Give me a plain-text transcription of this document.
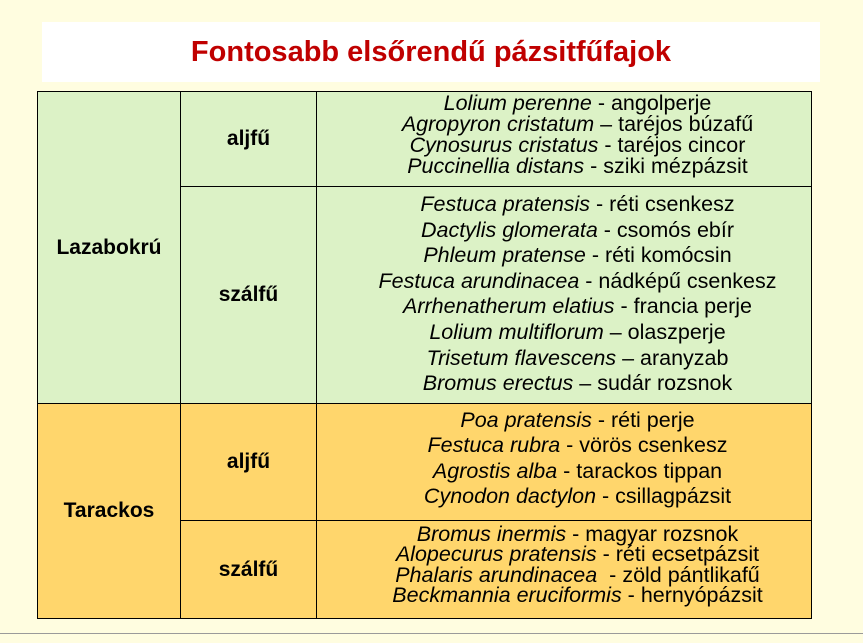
Fontosabb elsőrendű pázsitfűfajok
Lazabokrú
aljfű
Lolium perenne - angolperje
Agropyron cristatum – taréjos búzafű
Cynosurus cristatus - taréjos cincor
Puccinellia distans - sziki mézpázsit
szálfű
Festuca pratensis - réti csenkesz
Dactylis glomerata - csomós ebír
Phleum pratense - réti komócsin
Festuca arundinacea - nádképű csenkesz
Arrhenatherum elatius - francia perje
Lolium multiflorum – olaszperje
Trisetum flavescens – aranyzab
Bromus erectus – sudár rozsnok
Tarackos
aljfű
Poa pratensis - réti perje
Festuca rubra - vörös csenkesz
Agrostis alba - tarackos tippan
Cynodon dactylon - csillagpázsit
szálfű
Bromus inermis - magyar rozsnok
Alopecurus pratensis - réti ecsetpázsit
Phalaris arundinacea  - zöld pántlikafű
Beckmannia eruciformis - hernyópázsit
